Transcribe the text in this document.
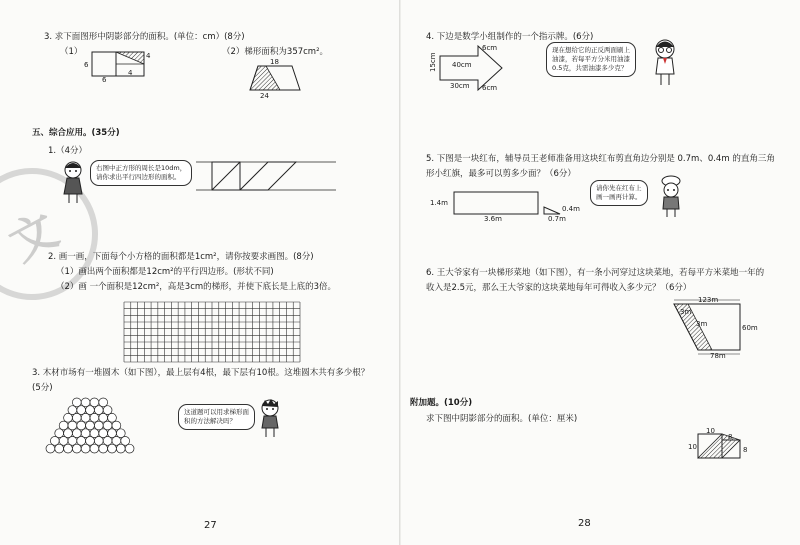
文
3. 求下面图形中阴影部分的面积。(单位：cm）(8分)
（1）
6
4
4
6
（2）梯形面积为357cm²。
18
24
五、综合应用。(35分)
1.（4分）
右图中正方形的周长是10dm，
请你求出平行四边形的面积。
2. 画一画，下面每个小方格的面积都是1cm²，请你按要求画图。(8分)
（1）画出两个面积都是12cm²的平行四边形。(形状不同)
（2）画 一个面积是12cm²，高是3cm的梯形，并使下底长是上底的3倍。
3. 木材市场有一堆圆木（如下图），最上层有4根，最下层有10根。这堆圆木共有多少根？
(5分)
这道题可以用求梯形面
积的方法解决吗？
27
4. 下边是数学小组制作的一个指示牌。(6分)
15cm 40cm
30cm
6cm
6cm
现在想给它的正反两面刷上
油漆，若每平方分米用油漆
0.5克，共需油漆多少克？
5. 下图是一块红布，辅导员王老师准备用这块红布剪直角边分别是 0.7m、0.4m 的直角三角
形小红旗，最多可以剪多少面？（6分）
1.4m
3.6m
0.4m
0.7m
请你先在红布上
画一画再计算。
6. 王大爷家有一块梯形菜地（如下图），有一条小河穿过这块菜地，若每平方米菜地一年的
收入是2.5元，那么王大爷家的这块菜地每年可得收入多少元？（6分）
123m
60m
3m
3m
78m
附加题。(10分)
求下图中阴影部分的面积。(单位：厘米)
10
8
10	8
28
